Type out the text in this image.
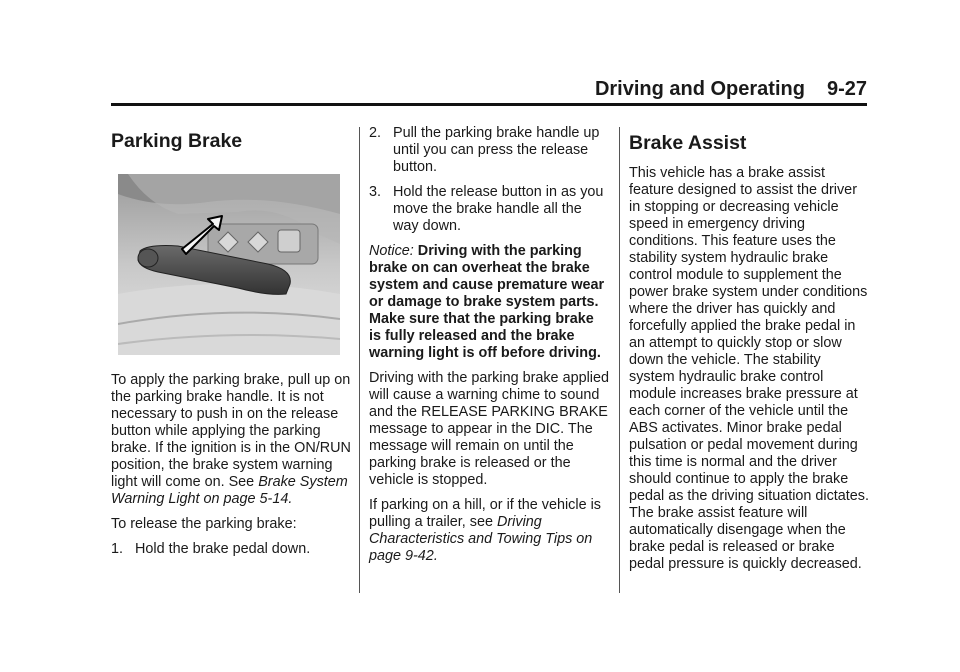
Driving and Operating 9-27
Parking Brake

To apply the parking brake, pull up on the parking brake handle. It is not necessary to push in on the release button while applying the parking brake. If the ignition is in the ON/RUN position, the brake system warning light will come on. See Brake System Warning Light on page 5-14.

To release the parking brake:

1. Hold the brake pedal down.
2. Pull the parking brake handle up until you can press the release button.
3. Hold the release button in as you move the brake handle all the way down.

Notice: Driving with the parking brake on can overheat the brake system and cause premature wear or damage to brake system parts. Make sure that the parking brake is fully released and the brake warning light is off before driving.

Driving with the parking brake applied will cause a warning chime to sound and the RELEASE PARKING BRAKE message to appear in the DIC. The message will remain on until the parking brake is released or the vehicle is stopped.

If parking on a hill, or if the vehicle is pulling a trailer, see Driving Characteristics and Towing Tips on page 9-42.

Brake Assist

This vehicle has a brake assist feature designed to assist the driver in stopping or decreasing vehicle speed in emergency driving conditions. This feature uses the stability system hydraulic brake control module to supplement the power brake system under conditions where the driver has quickly and forcefully applied the brake pedal in an attempt to quickly stop or slow down the vehicle. The stability system hydraulic brake control module increases brake pressure at each corner of the vehicle until the ABS activates. Minor brake pedal pulsation or pedal movement during this time is normal and the driver should continue to apply the brake pedal as the driving situation dictates. The brake assist feature will automatically disengage when the brake pedal is released or brake pedal pressure is quickly decreased.
